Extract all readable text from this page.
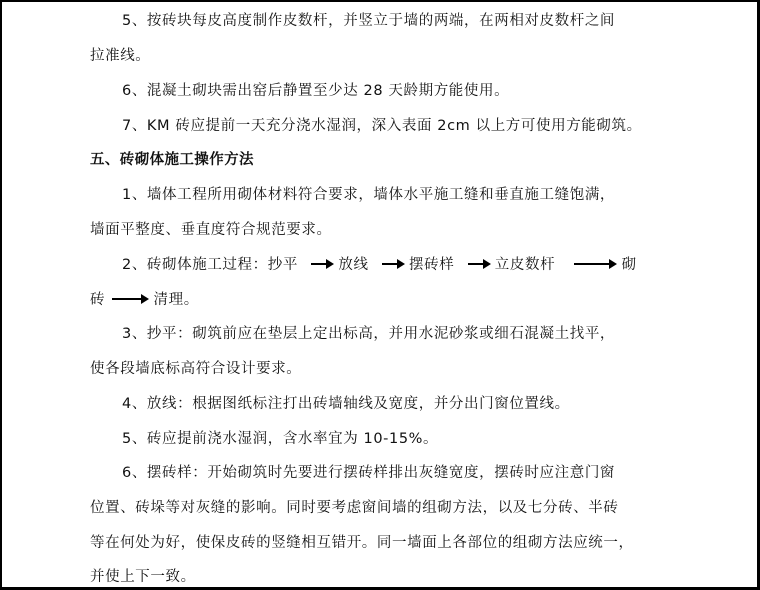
5、按砖块每皮高度制作皮数杆，并竖立于墙的两端，在两相对皮数杆之间
拉准线。
6、混凝土砌块需出窑后静置至少达 28 天龄期方能使用。
7、KM 砖应提前一天充分浇水湿润，深入表面 2cm 以上方可使用方能砌筑。
五、砖砌体施工操作方法
1、墙体工程所用砌体材料符合要求，墙体水平施工缝和垂直施工缝饱满，
墙面平整度、垂直度符合规范要求。
2、砖砌体施工过程：抄平	放线	摆砖样	立皮数杆	砌
砖	清理。
3、抄平：砌筑前应在垫层上定出标高，并用水泥砂浆或细石混凝土找平，
使各段墙底标高符合设计要求。
4、放线：根据图纸标注打出砖墙轴线及宽度，并分出门窗位置线。
5、砖应提前浇水湿润，含水率宜为 10-15%。
6、摆砖样：开始砌筑时先要进行摆砖样排出灰缝宽度，摆砖时应注意门窗
位置、砖垛等对灰缝的影响。同时要考虑窗间墙的组砌方法，以及七分砖、半砖
等在何处为好，使保皮砖的竖缝相互错开。同一墙面上各部位的组砌方法应统一，
并使上下一致。
